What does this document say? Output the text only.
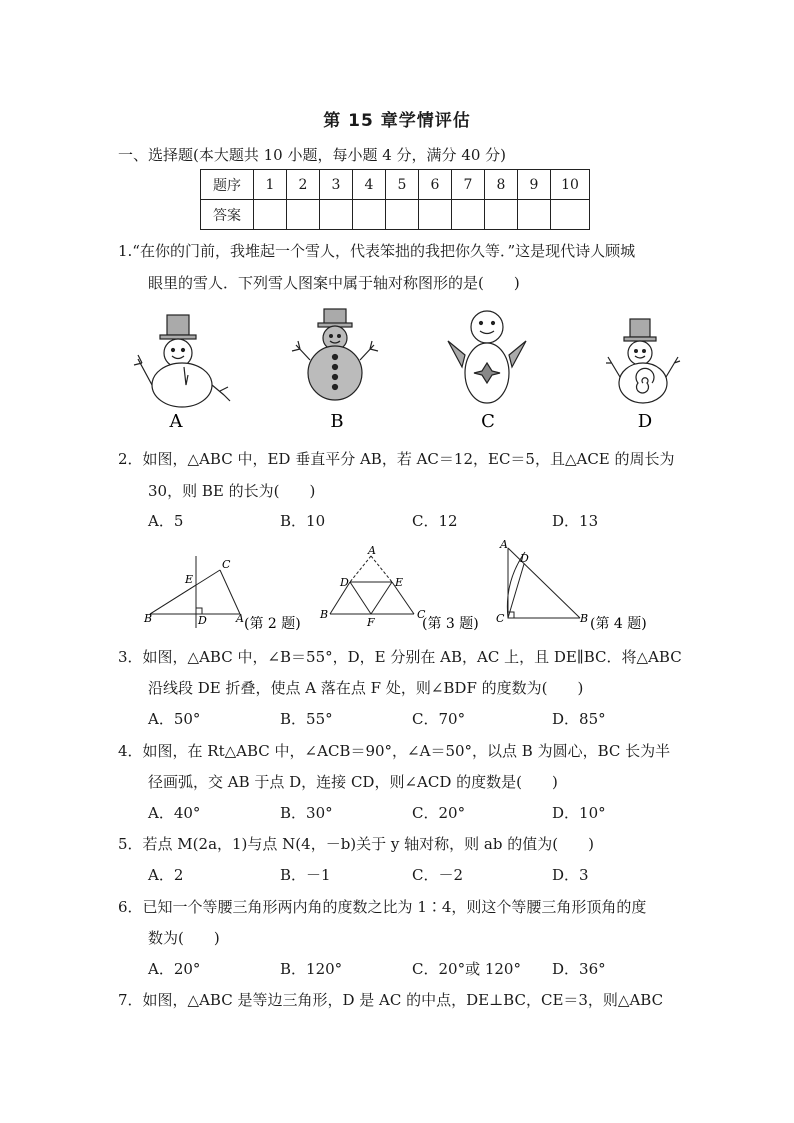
第 15 章学情评估
一、选择题(本大题共 10 小题，每小题 4 分，满分 40 分)
题序	1	2	3	4	5	6	7	8	9	10
答案										
1.“在你的门前，我堆起一个雪人，代表笨拙的我把你久等．”这是现代诗人顾城
眼里的雪人．下列雪人图案中属于轴对称图形的是(　　)
A	B	C	D
2．如图，△ABC 中，ED 垂直平分 AB，若 AC＝12，EC＝5，且△ACE 的周长为
30，则 BE 的长为(　　)
A．5	B．10	C．12	D．13
C
E
B	D	A (第 2 题)
A
D	E
B
F
C
(第 3 题)
A
D
C	B (第 4 题)
3．如图，△ABC 中，∠B＝55°，D，E 分别在 AB，AC 上，且 DE∥BC．将△ABC
沿线段 DE 折叠，使点 A 落在点 F 处，则∠BDF 的度数为(　　)
A．50°	B．55°	C．70°	D．85°
4．如图，在 Rt△ABC 中，∠ACB＝90°，∠A＝50°，以点 B 为圆心，BC 长为半
径画弧，交 AB 于点 D，连接 CD，则∠ACD 的度数是(　　)
A．40°	B．30°	C．20°	D．10°
5．若点 M(2a，1)与点 N(4，－b)关于 y 轴对称，则 ab 的值为(　　)
A．2	B．－1	C．－2	D．3
6．已知一个等腰三角形两内角的度数之比为 1∶4，则这个等腰三角形顶角的度
数为(　　)
A．20°	B．120°	C．20°或 120° D．36°
7．如图，△ABC 是等边三角形，D 是 AC 的中点，DE⊥BC，CE＝3，则△ABC
